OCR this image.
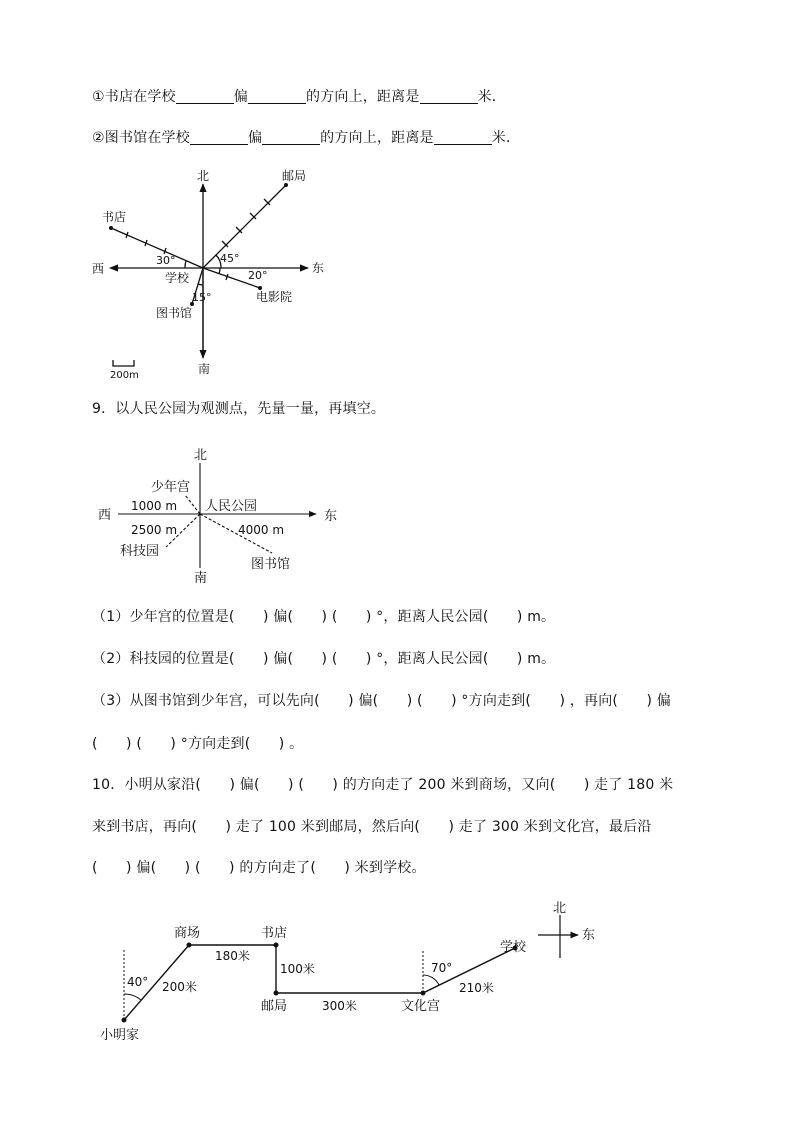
①书店在学校	偏	的方向上，距离是	米．
②图书馆在学校	偏	的方向上，距离是	米．
北
南
东
西
学校
邮局
书店
电影院
图书馆
30°	45°
20°
15°
200m
北
南
东
西
人民公园
少年宫
科技园
图书馆
1000 m
2500 m	4000 m
小明家
商场	书店
邮局	文化宫
学校
40°
70°
200米
180米
100米
300米
210米
北
东
9．以人民公园为观测点，先量一量，再填空。
（1）少年宫的位置是(　　) 偏(　　) (　　) °，距离人民公园(　　) m。
（2）科技园的位置是(　　) 偏(　　) (　　) °，距离人民公园(　　) m。
（3）从图书馆到少年宫，可以先向(　　) 偏(　　) (　　) °方向走到(　　) ，再向(　　) 偏
(　　) (　　) °方向走到(　　) 。
10．小明从家沿(　　) 偏(　　) (　　) 的方向走了 200 米到商场，又向(　　) 走了 180 米
来到书店，再向(　　) 走了 100 米到邮局，然后向(　　) 走了 300 米到文化宫，最后沿
(　　) 偏(　　) (　　) 的方向走了(　　) 米到学校。
